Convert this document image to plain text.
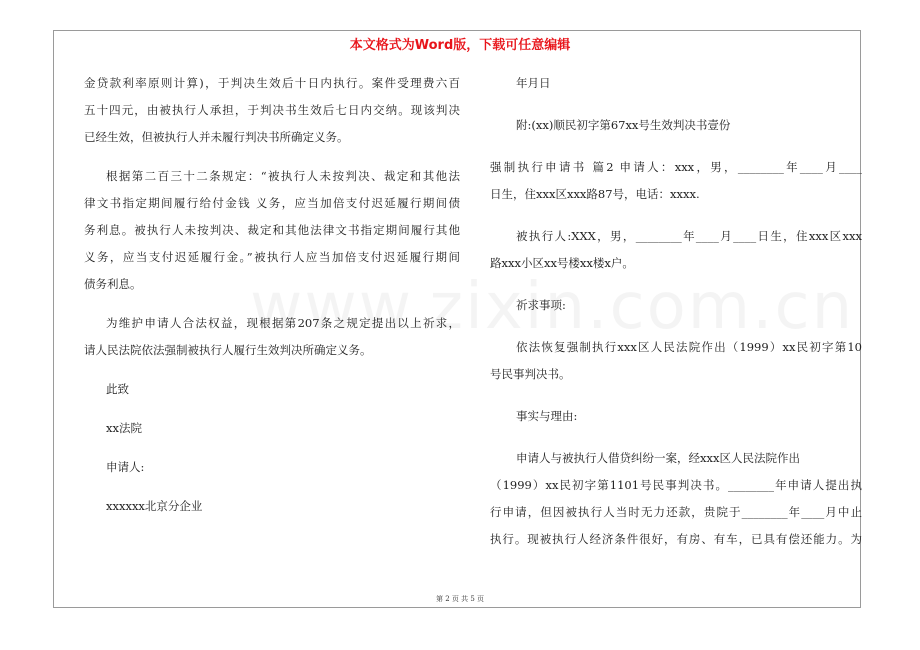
本文格式为Word版，下载可任意编辑
金贷款利率原则计算)，于判决生效后十日内执行。案件受理费六百
五十四元，由被执行人承担，于判决书生效后七日内交纳。现该判决
已经生效，但被执行人并未履行判决书所确定义务。
根据第二百三十二条规定：“被执行人未按判决、裁定和其他法
律文书指定期间履行给付金钱 义务，应当加倍支付迟延履行期间债
务利息。被执行人未按判决、裁定和其他法律文书指定期间履行其他
义务，应当支付迟延履行金。”被执行人应当加倍支付迟延履行期间
债务利息。
为维护申请人合法权益，现根据第207条之规定提出以上祈求，
请人民法院依法强制被执行人履行生效判决所确定义务。
此致
xx法院
申请人:
xxxxxx北京分企业
年月日
附:(xx)顺民初字第67xx号生效判决书壹份
强制执行申请书 篇2 申请人：xxx，男，________年____月____
日生，住xxx区xxx路87号，电话：xxxx.
被执行人:XXX，男，________年____月____日生，住xxx区xxx
路xxx小区xx号楼xx楼x户。
祈求事项:
依法恢复强制执行xxx区人民法院作出（1999）xx民初字第10
号民事判决书。
事实与理由:
申请人与被执行人借贷纠纷一案，经xxx区人民法院作出
（1999）xx民初字第1101号民事判决书。________年申请人提出执
行申请，但因被执行人当时无力还款，贵院于________年____月中止
执行。现被执行人经济条件很好，有房、有车，已具有偿还能力。为
第 2 页 共 5 页
